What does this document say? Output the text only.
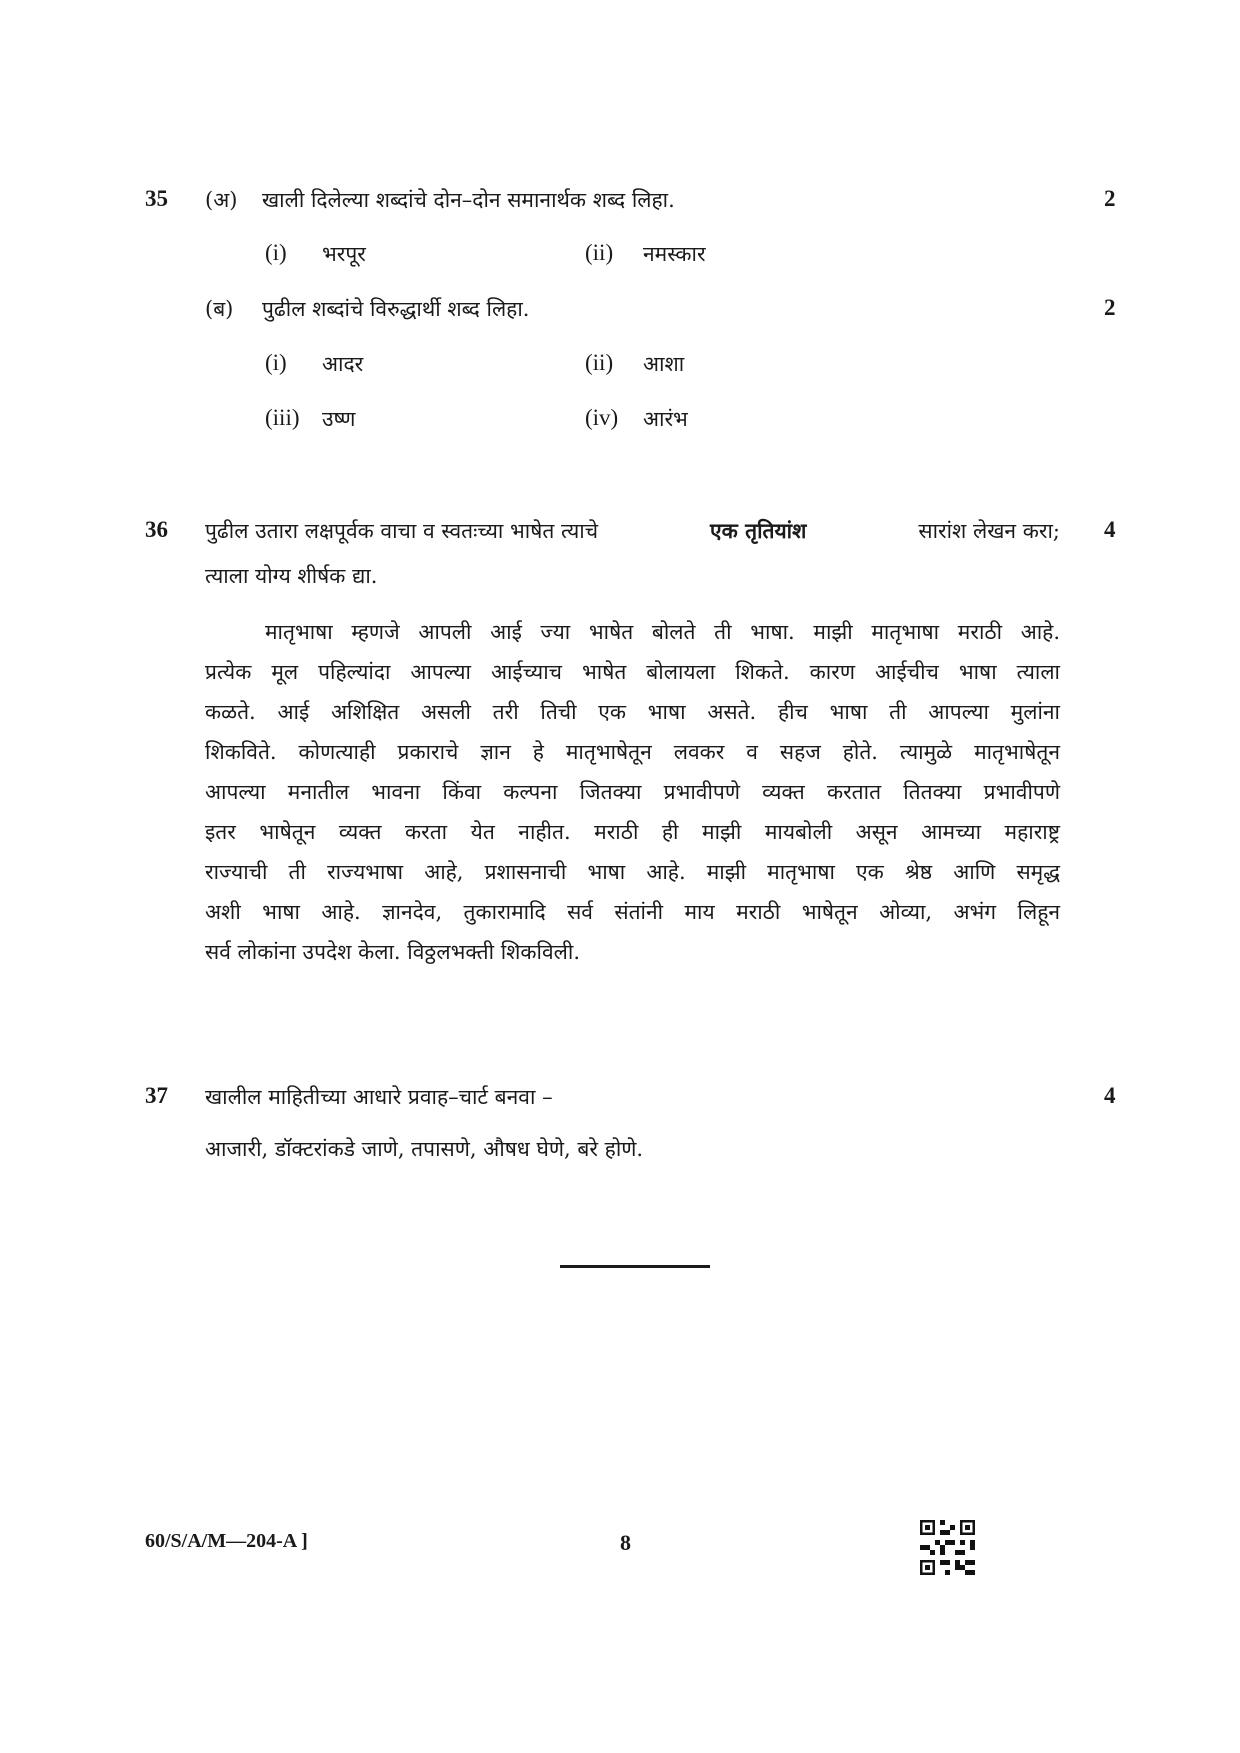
35 (अ) खाली दिलेल्या शब्दांचे दोन–दोन समानार्थक शब्द लिहा.	2
(i) भरपूर	(ii) नमस्कार
(ब) पुढील शब्दांचे विरुद्धार्थी शब्द लिहा.	2
(i) आदर	(ii) आशा
(iii) उष्ण	(iv) आरंभ
36 पुढील उतारा लक्षपूर्वक वाचा व स्वतःच्या भाषेत त्याचे	एक तृतियांश	सारांश लेखन करा; 4
त्याला योग्य शीर्षक द्या.
मातृभाषा म्हणजे आपली आई ज्या भाषेत बोलते ती भाषा. माझी मातृभाषा मराठी आहे.
प्रत्येक मूल पहिल्यांदा आपल्या आईच्याच भाषेत बोलायला शिकते. कारण आईचीच भाषा त्याला
कळते. आई अशिक्षित असली तरी तिची एक भाषा असते. हीच भाषा ती आपल्या मुलांना
शिकविते. कोणत्याही प्रकाराचे ज्ञान हे मातृभाषेतून लवकर व सहज होते. त्यामुळे मातृभाषेतून
आपल्या मनातील भावना किंवा कल्पना जितक्या प्रभावीपणे व्यक्त करतात तितक्या प्रभावीपणे
इतर भाषेतून व्यक्त करता येत नाहीत. मराठी ही माझी मायबोली असून आमच्या महाराष्ट्र
राज्याची ती राज्यभाषा आहे, प्रशासनाची भाषा आहे. माझी मातृभाषा एक श्रेष्ठ आणि समृद्ध
अशी भाषा आहे. ज्ञानदेव, तुकारामादि सर्व संतांनी माय मराठी भाषेतून ओव्या, अभंग लिहून
सर्व लोकांना उपदेश केला. विठ्ठलभक्ती शिकविली.
37 खालील माहितीच्या आधारे प्रवाह–चार्ट बनवा –	4
आजारी, डॉक्टरांकडे जाणे, तपासणे, औषध घेणे, बरे होणे.
60/S/A/M—204-A ]	8
